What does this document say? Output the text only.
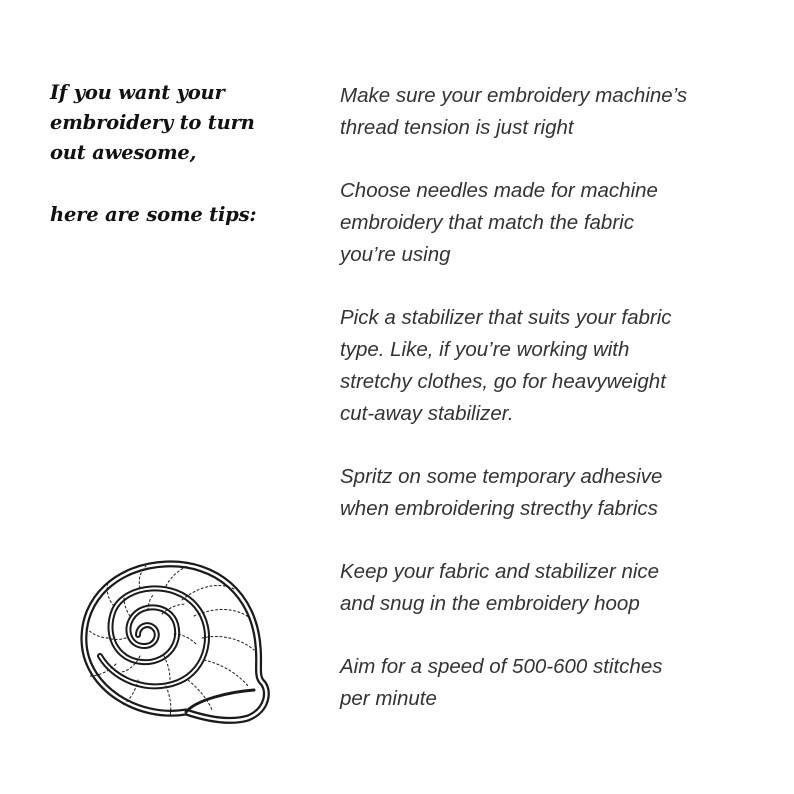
If you want your
embroidery to turn
out awesome,
here are some tips:
Make sure your embroidery machine’s
thread tension is just right
Choose needles made for machine
embroidery that match the fabric
you’re using
Pick a stabilizer that suits your fabric
type. Like, if you’re working with
stretchy clothes, go for heavyweight
cut-away stabilizer.
Spritz on some temporary adhesive
when embroidering strecthy fabrics
Keep your fabric and stabilizer nice
and snug in the embroidery hoop
Aim for a speed of 500-600 stitches
per minute
